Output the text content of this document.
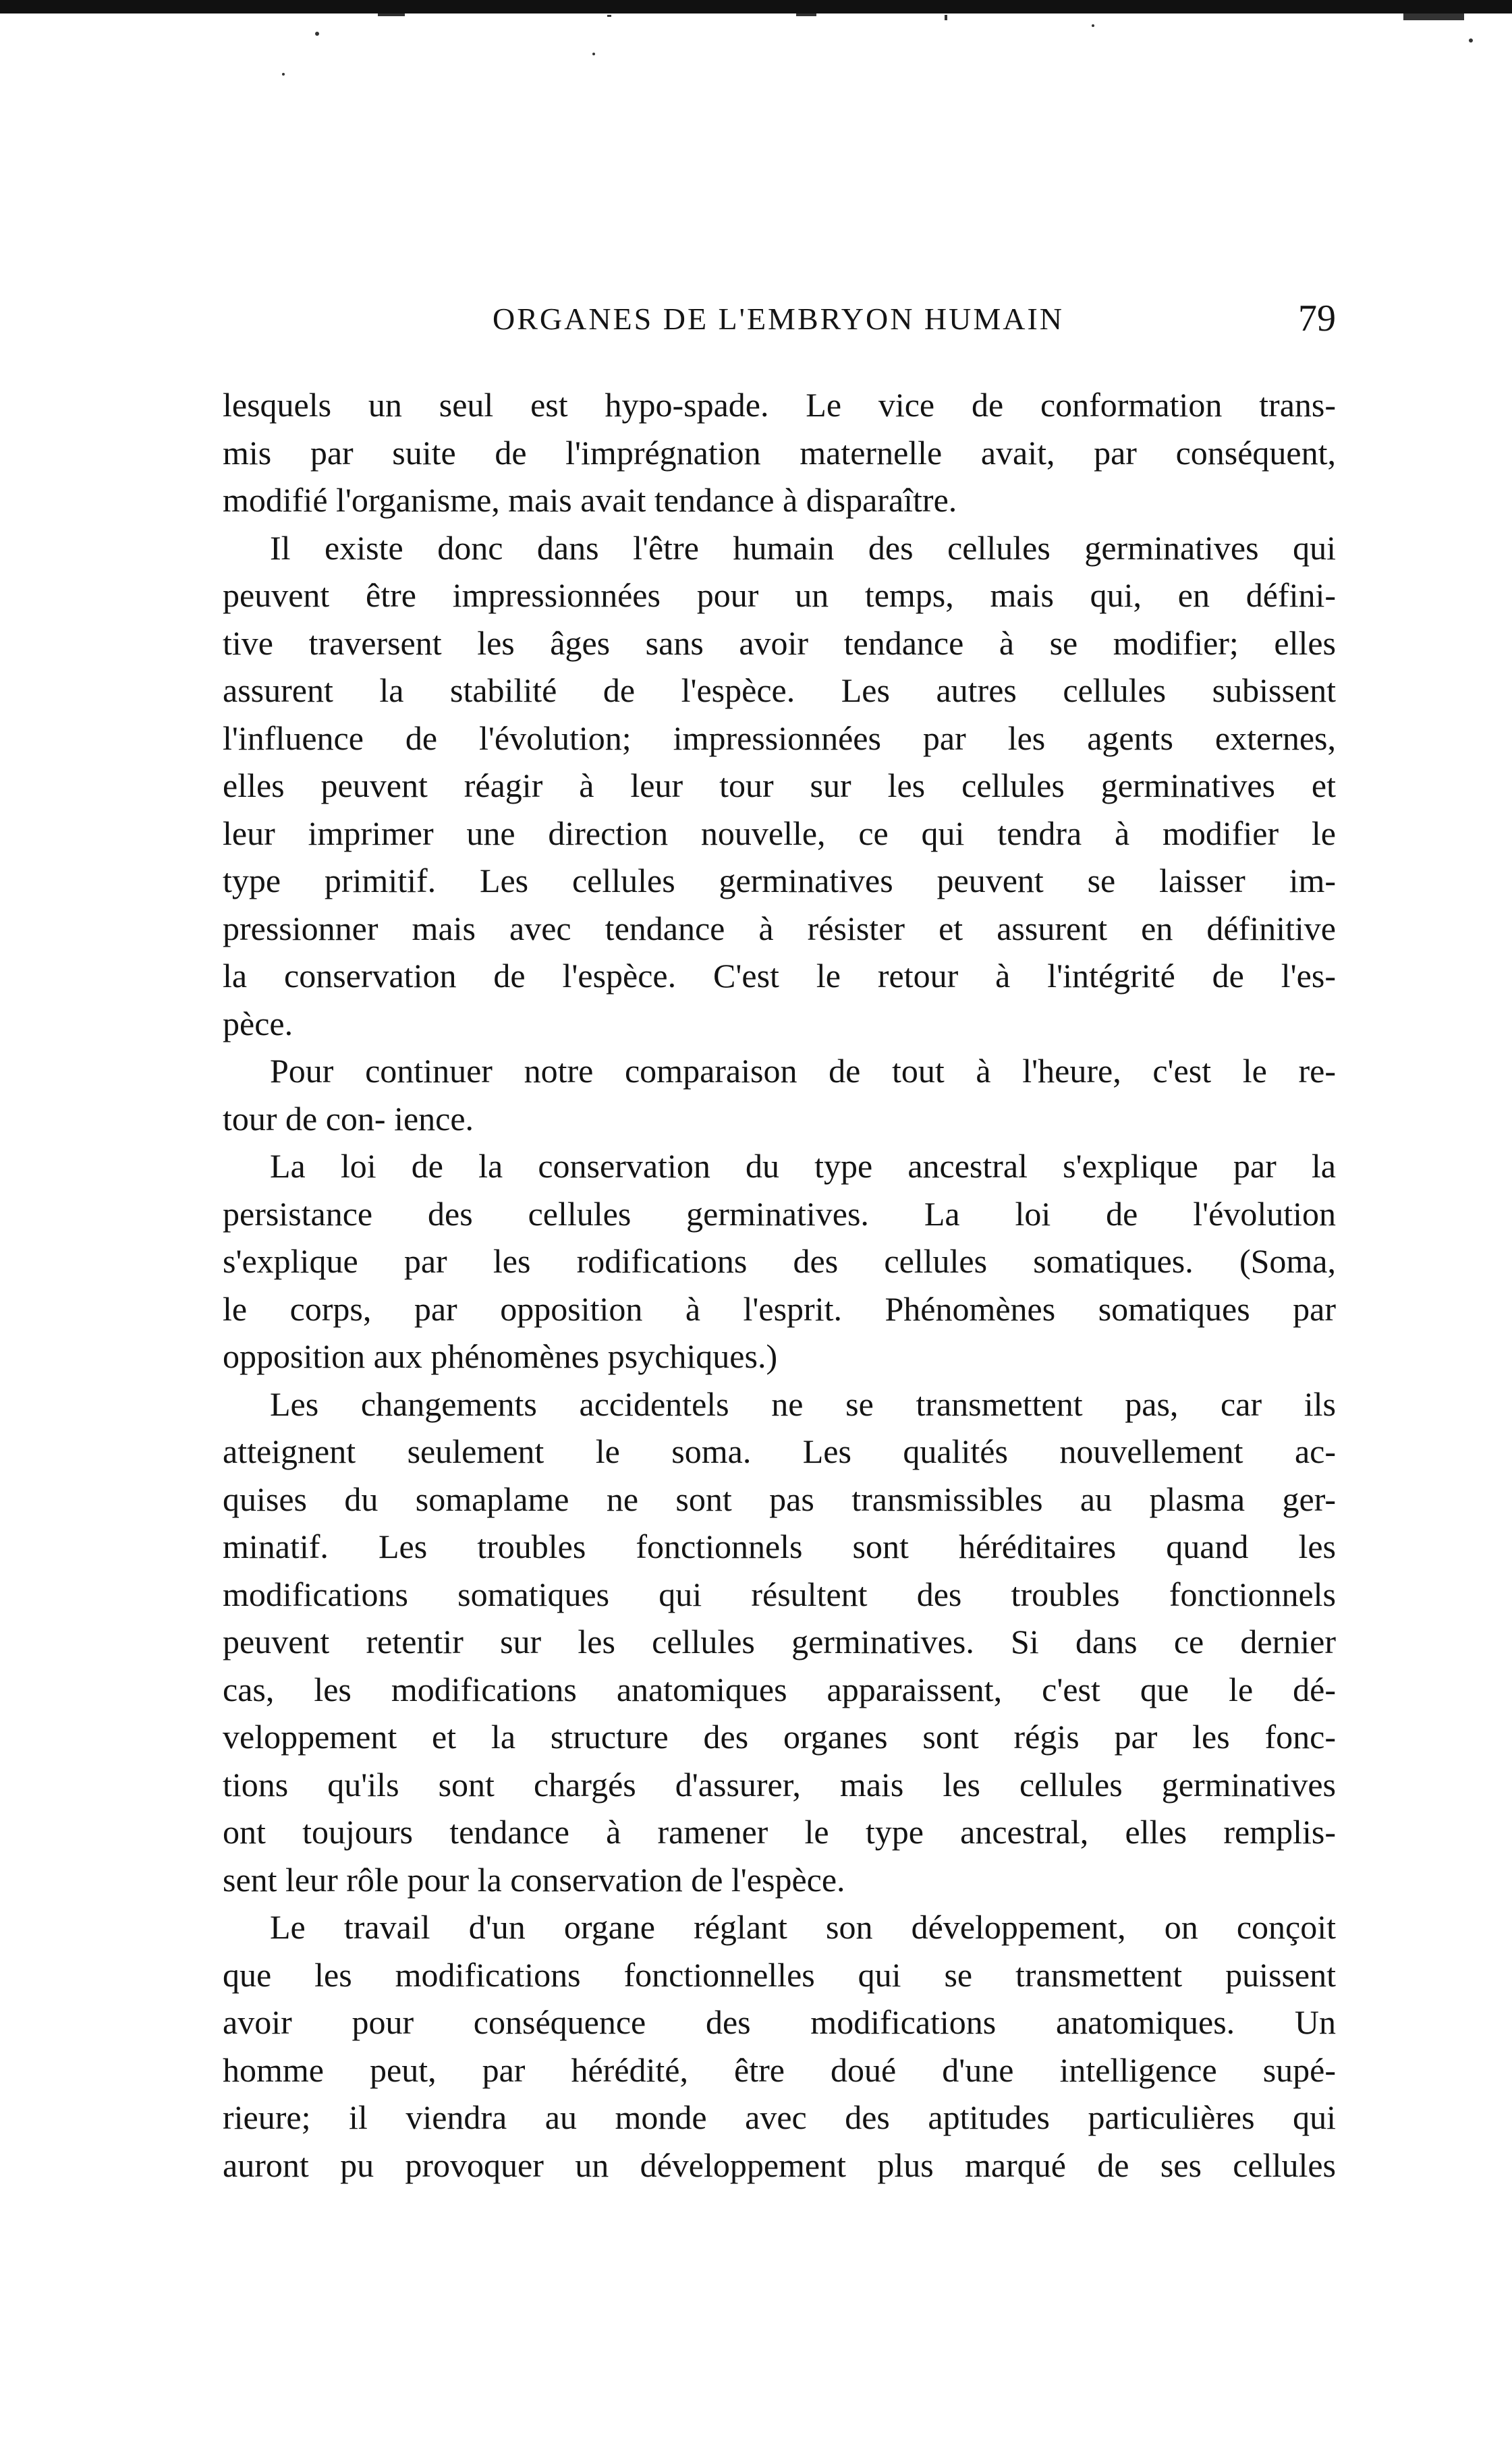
ORGANES DE L'EMBRYON HUMAIN	79
lesquels un seul est hypo-spade. Le vice de conformation trans-
mis par suite de l'imprégnation maternelle avait, par conséquent,
modifié l'organisme, mais avait tendance à disparaître.
Il existe donc dans l'être humain des cellules germinatives qui
peuvent être impressionnées pour un temps, mais qui, en défini-
tive traversent les âges sans avoir tendance à se modifier; elles
assurent la stabilité de l'espèce. Les autres cellules subissent
l'influence de l'évolution; impressionnées par les agents externes,
elles peuvent réagir à leur tour sur les cellules germinatives et
leur imprimer une direction nouvelle, ce qui tendra à modifier le
type primitif. Les cellules germinatives peuvent se laisser im-
pressionner mais avec tendance à résister et assurent en définitive
la conservation de l'espèce. C'est le retour à l'intégrité de l'es-
pèce.
Pour continuer notre comparaison de tout à l'heure, c'est le re-
tour de con- ience.
La loi de la conservation du type ancestral s'explique par la
persistance des cellules germinatives. La loi de l'évolution
s'explique par les rodifications des cellules somatiques. (Soma,
le corps, par opposition à l'esprit. Phénomènes somatiques par
opposition aux phénomènes psychiques.)
Les changements accidentels ne se transmettent pas, car ils
atteignent seulement le soma. Les qualités nouvellement ac-
quises du somaplame ne sont pas transmissibles au plasma ger-
minatif. Les troubles fonctionnels sont héréditaires quand les
modifications somatiques qui résultent des troubles fonctionnels
peuvent retentir sur les cellules germinatives. Si dans ce dernier
cas, les modifications anatomiques apparaissent, c'est que le dé-
veloppement et la structure des organes sont régis par les fonc-
tions qu'ils sont chargés d'assurer, mais les cellules germinatives
ont toujours tendance à ramener le type ancestral, elles remplis-
sent leur rôle pour la conservation de l'espèce.
Le travail d'un organe réglant son développement, on conçoit
que les modifications fonctionnelles qui se transmettent puissent
avoir pour conséquence des modifications anatomiques. Un
homme peut, par hérédité, être doué d'une intelligence supé-
rieure; il viendra au monde avec des aptitudes particulières qui
auront pu provoquer un développement plus marqué de ses cellules
